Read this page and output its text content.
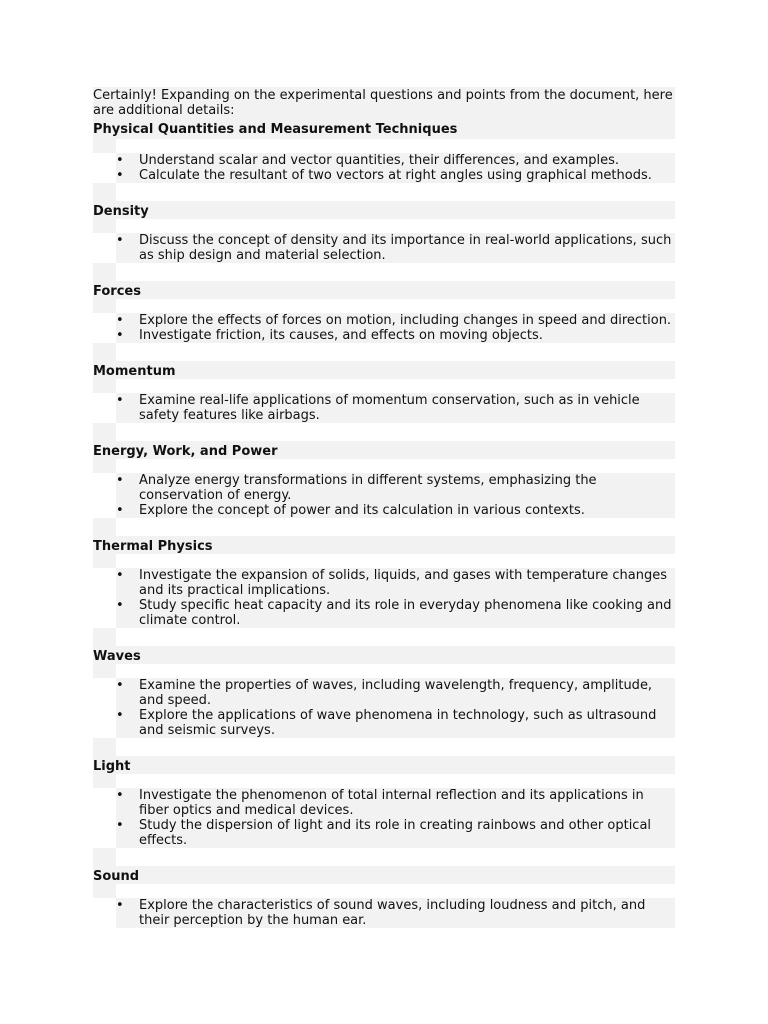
Certainly! Expanding on the experimental questions and points from the document, here are additional details:

Physical Quantities and Measurement Techniques
•	Understand scalar and vector quantities, their differences, and examples.
•	Calculate the resultant of two vectors at right angles using graphical methods.
Density
•	Discuss the concept of density and its importance in real-world applications, such as ship design and material selection.
Forces
•	Explore the effects of forces on motion, including changes in speed and direction.
•	Investigate friction, its causes, and effects on moving objects.
Momentum
•	Examine real-life applications of momentum conservation, such as in vehicle safety features like airbags.
Energy, Work, and Power
•	Analyze energy transformations in different systems, emphasizing the conservation of energy.
•	Explore the concept of power and its calculation in various contexts.
Thermal Physics
•	Investigate the expansion of solids, liquids, and gases with temperature changes and its practical implications.
•	Study specific heat capacity and its role in everyday phenomena like cooking and climate control.
Waves
•	Examine the properties of waves, including wavelength, frequency, amplitude, and speed.
•	Explore the applications of wave phenomena in technology, such as ultrasound and seismic surveys.
Light
•	Investigate the phenomenon of total internal reflection and its applications in fiber optics and medical devices.
•	Study the dispersion of light and its role in creating rainbows and other optical effects.
Sound
•	Explore the characteristics of sound waves, including loudness and pitch, and their perception by the human ear.
